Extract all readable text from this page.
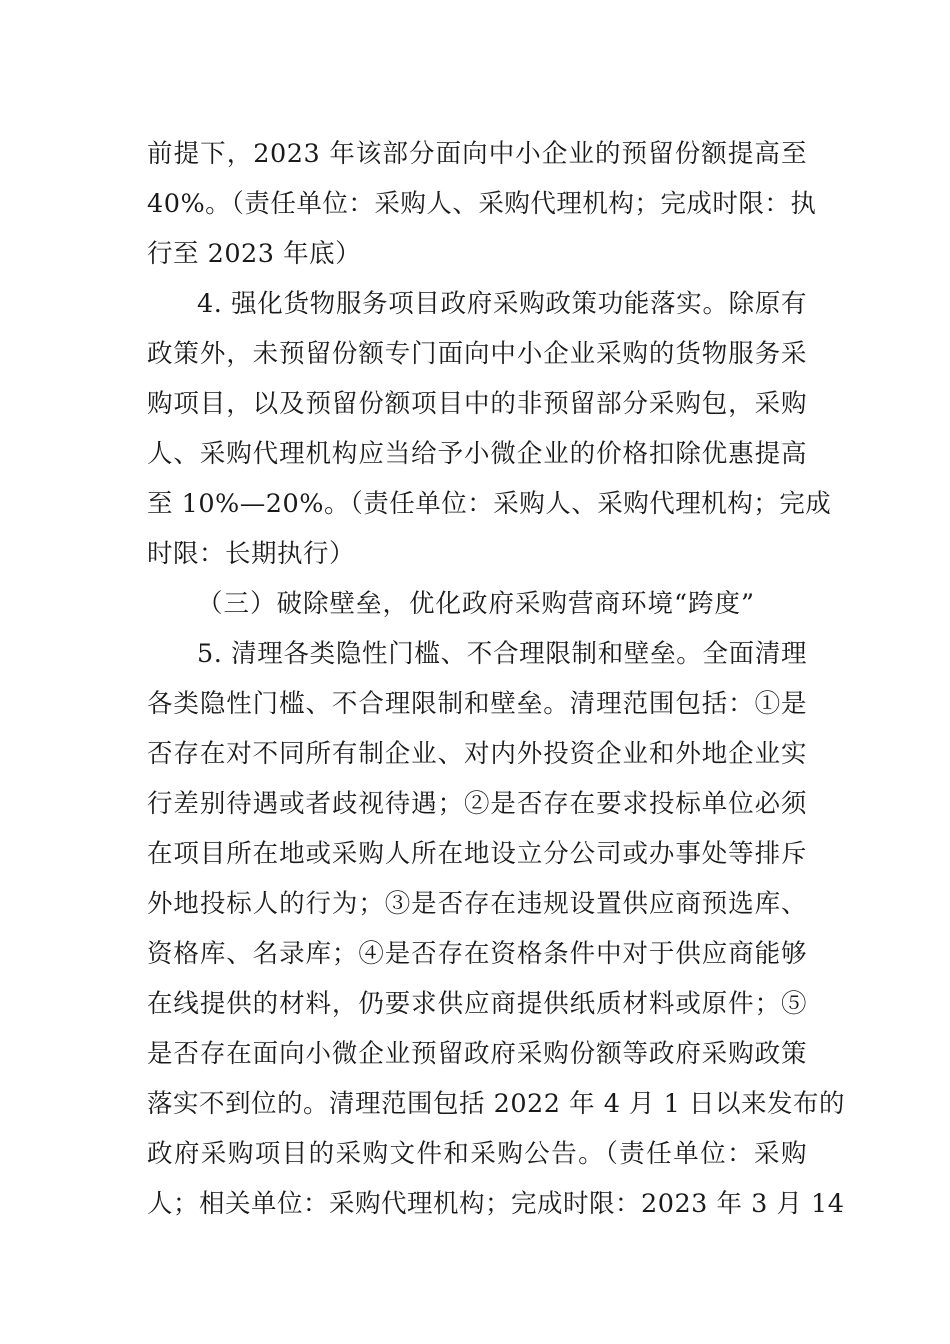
前提下，2023 年该部分面向中小企业的预留份额提高至
40%。（责任单位：采购人、采购代理机构；完成时限：执
行至 2023 年底）
4. 强化货物服务项目政府采购政策功能落实。除原有
政策外，未预留份额专门面向中小企业采购的货物服务采
购项目，以及预留份额项目中的非预留部分采购包，采购
人、采购代理机构应当给予小微企业的价格扣除优惠提高
至 10%—20%。（责任单位：采购人、采购代理机构；完成
时限：长期执行）
（三）破除壁垒，优化政府采购营商环境“跨度”
5. 清理各类隐性门槛、不合理限制和壁垒。全面清理
各类隐性门槛、不合理限制和壁垒。清理范围包括：①是
否存在对不同所有制企业、对内外投资企业和外地企业实
行差别待遇或者歧视待遇；②是否存在要求投标单位必须
在项目所在地或采购人所在地设立分公司或办事处等排斥
外地投标人的行为；③是否存在违规设置供应商预选库、
资格库、名录库；④是否存在资格条件中对于供应商能够
在线提供的材料，仍要求供应商提供纸质材料或原件；⑤
是否存在面向小微企业预留政府采购份额等政府采购政策
落实不到位的。清理范围包括 2022 年 4 月 1 日以来发布的
政府采购项目的采购文件和采购公告。（责任单位：采购
人；相关单位：采购代理机构；完成时限：2023 年 3 月 14
